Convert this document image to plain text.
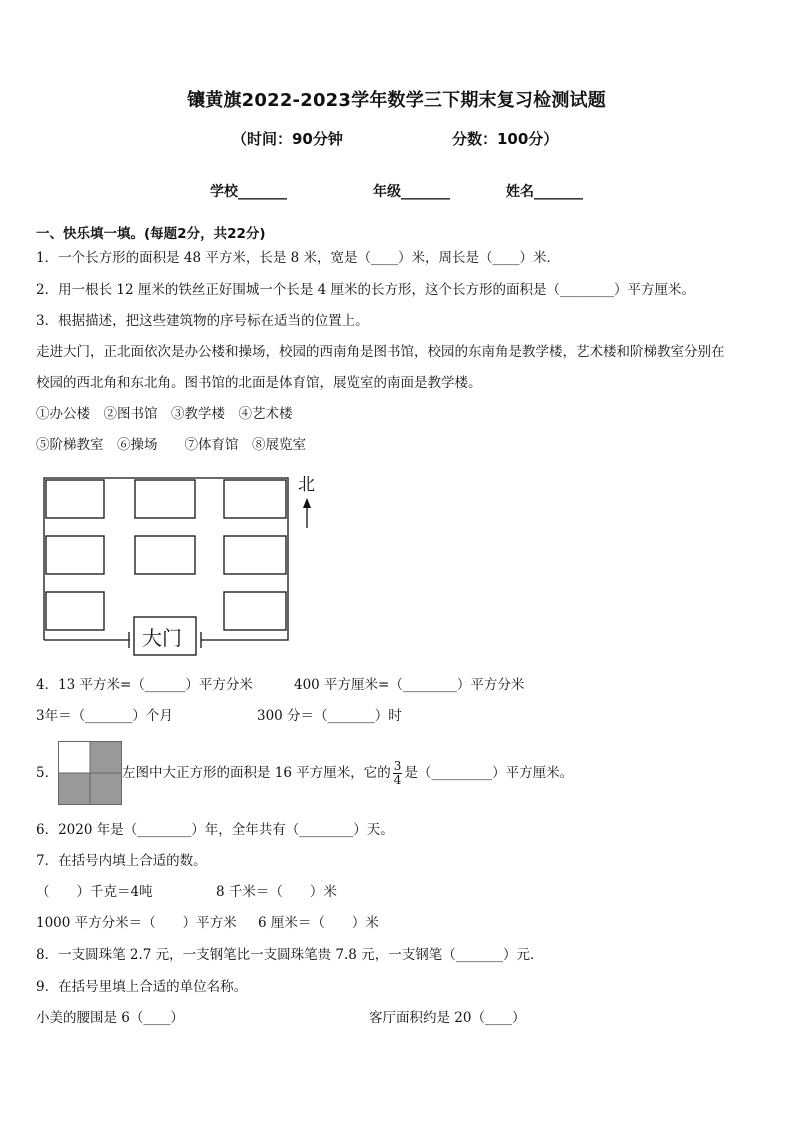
镶黄旗2022-2023学年数学三下期末复习检测试题
（时间：90分钟	分数：100分）
学校_______	年级_______	姓名_______
一、快乐填一填。(每题2分，共22分)
1．一个长方形的面积是 48 平方米，长是 8 米，宽是（____）米，周长是（____）米．
2．用一根长 12 厘米的铁丝正好围城一个长是 4 厘米的长方形，这个长方形的面积是（________）平方厘米。
3．根据描述，把这些建筑物的序号标在适当的位置上。
走进大门，正北面依次是办公楼和操场，校园的西南角是图书馆，校园的东南角是教学楼，艺术楼和阶梯教室分别在
校园的西北角和东北角。图书馆的北面是体育馆，展览室的南面是教学楼。
①办公楼　②图书馆　③教学楼　④艺术楼
⑤阶梯教室　⑥操场　　⑦体育馆　⑧展览室
北
大门
4．13 平方米=（______）平方分米	400 平方厘米=（________）平方分米
3年＝（_______）个月	300 分＝（_______）时
5．	左图中大正方形的面积是 16 平方厘米，它的 $\frac{3}{4}$ 是（_________）平方厘米。
6．2020 年是（________）年，全年共有（________）天。
7．在括号内填上合适的数。
（　　）千克＝4吨	8 千米＝（　　）米
1000 平方分米＝（　　）平方米 6 厘米＝（　　）米
8．一支圆珠笔 2.7 元，一支钢笔比一支圆珠笔贵 7.8 元，一支钢笔（_______）元．
9．在括号里填上合适的单位名称。
小美的腰围是 6（____）	客厅面积约是 20（____）
